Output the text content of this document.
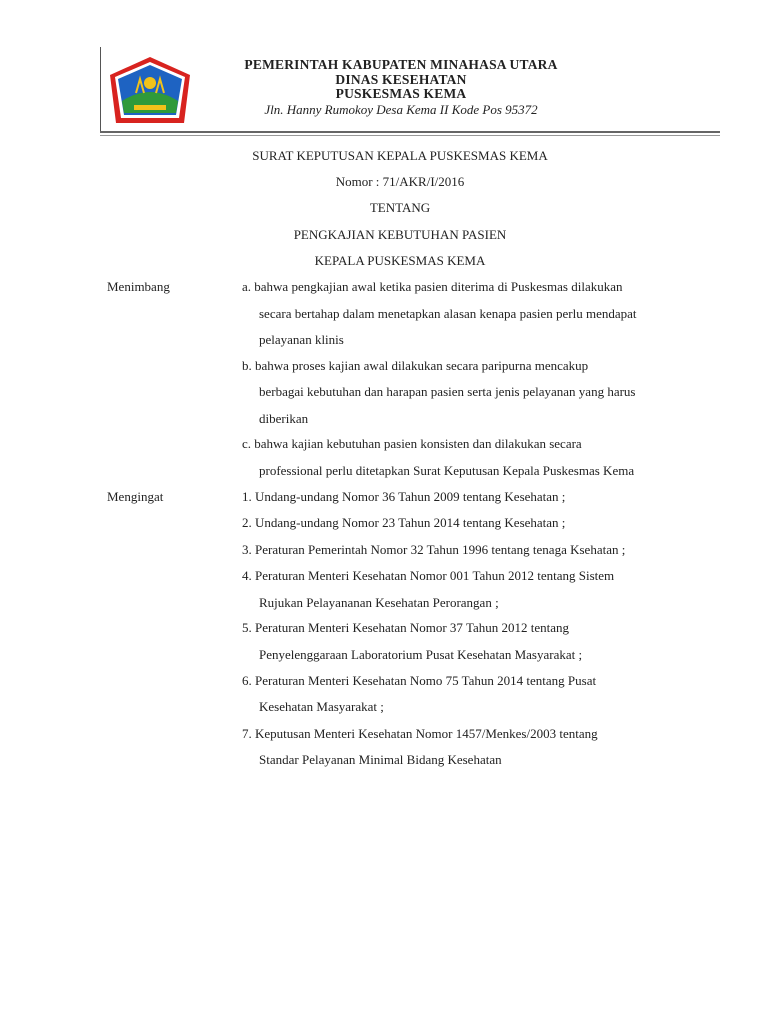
PEMERINTAH KABUPATEN MINAHASA UTARA
DINAS KESEHATAN
PUSKESMAS KEMA
Jln. Hanny Rumokoy Desa Kema II Kode Pos 95372
SURAT KEPUTUSAN KEPALA PUSKESMAS KEMA
Nomor : 71/AKR/I/2016
TENTANG
PENGKAJIAN KEBUTUHAN PASIEN
KEPALA PUSKESMAS KEMA
Menimbang	a. bahwa pengkajian awal ketika pasien diterima di Puskesmas dilakukan
secara bertahap dalam menetapkan alasan kenapa pasien perlu mendapat
pelayanan klinis
b. bahwa proses kajian awal dilakukan secara paripurna mencakup
berbagai kebutuhan dan harapan pasien serta jenis pelayanan yang harus
diberikan
c. bahwa kajian kebutuhan pasien konsisten dan dilakukan secara
professional perlu ditetapkan Surat Keputusan Kepala Puskesmas Kema
Mengingat	1. Undang-undang Nomor 36 Tahun 2009 tentang Kesehatan ;
2. Undang-undang Nomor 23 Tahun 2014 tentang Kesehatan ;
3. Peraturan Pemerintah Nomor 32 Tahun 1996 tentang tenaga Ksehatan ;
4. Peraturan Menteri Kesehatan Nomor 001 Tahun 2012 tentang Sistem
Rujukan Pelayananan Kesehatan Perorangan ;
5. Peraturan Menteri Kesehatan Nomor 37 Tahun 2012 tentang
Penyelenggaraan Laboratorium Pusat Kesehatan Masyarakat ;
6. Peraturan Menteri Kesehatan Nomo 75 Tahun 2014 tentang Pusat
Kesehatan Masyarakat ;
7. Keputusan Menteri Kesehatan Nomor 1457/Menkes/2003 tentang
Standar Pelayanan Minimal Bidang Kesehatan
